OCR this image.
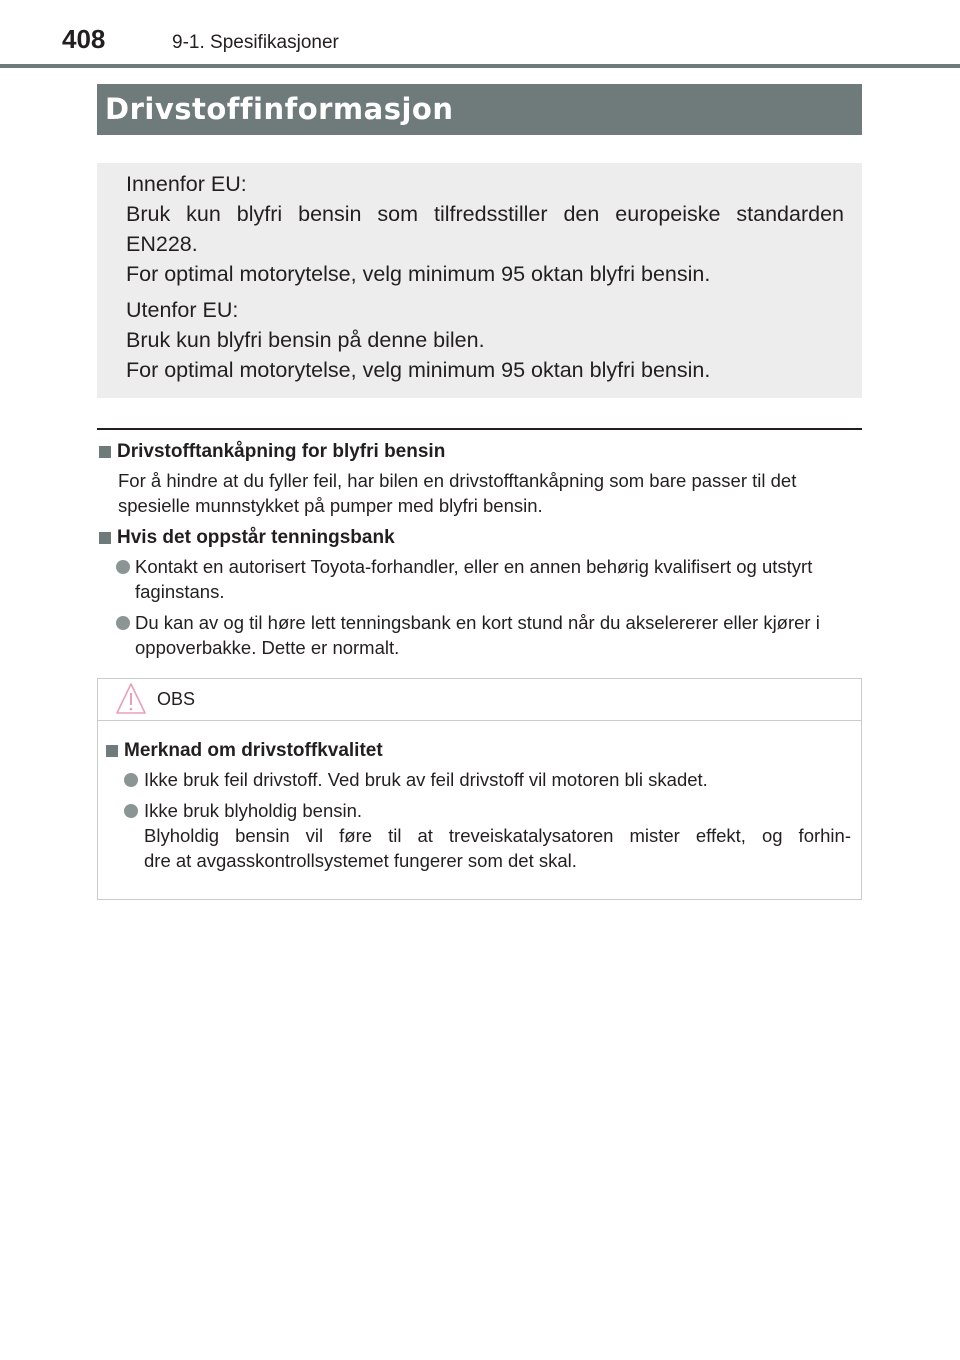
408	9-1. Spesifikasjoner
Drivstoffinformasjon

Innenfor EU:

Bruk kun blyfri bensin som tilfredsstiller den europeiske standarden

EN228.

For optimal motorytelse, velg minimum 95 oktan blyfri bensin.

Utenfor EU:

Bruk kun blyfri bensin på denne bilen.

For optimal motorytelse, velg minimum 95 oktan blyfri bensin.

Drivstofftankåpning for blyfri bensin
For å hindre at du fyller feil, har bilen en drivstofftankåpning som bare passer til det spesielle munnstykket på pumper med blyfri bensin.
Hvis det oppstår tenningsbank
Kontakt en autorisert Toyota-forhandler, eller en annen behørig kvalifisert og utstyrt faginstans.
Du kan av og til høre lett tenningsbank en kort stund når du akselererer eller kjører i oppoverbakke. Dette er normalt.
OBS
Merknad om drivstoffkvalitet
Ikke bruk feil drivstoff. Ved bruk av feil drivstoff vil motoren bli skadet.
Ikke bruk blyholdig bensin.
Blyholdig bensin vil føre til at treveiskatalysatoren mister effekt, og forhin-
dre at avgasskontrollsystemet fungerer som det skal.
